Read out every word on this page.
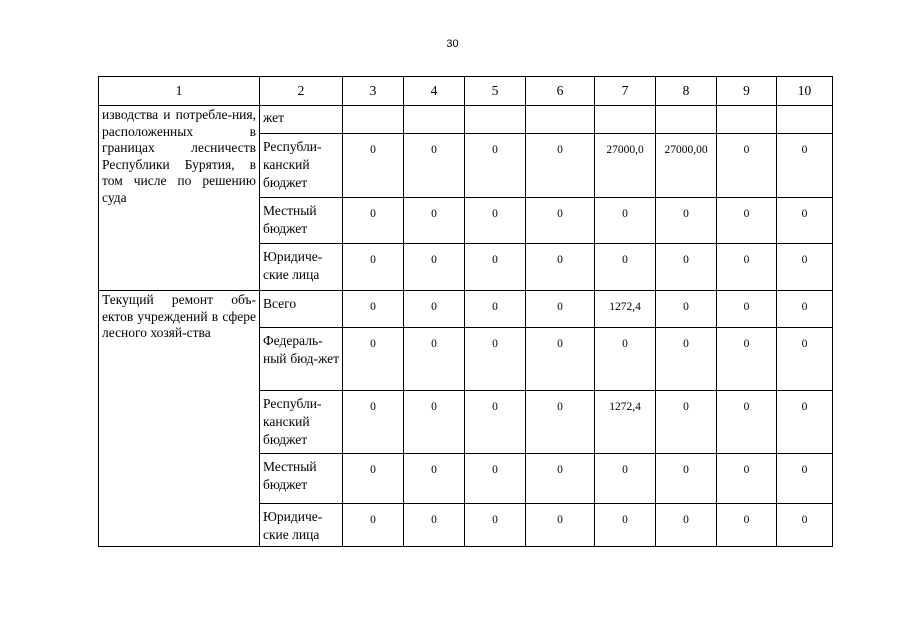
30
1	2	3	4	5	6	7	8	9	10
изводства и потребле-ния, расположенных в границах лесничеств Республики Бурятия, в том числе по решению суда	жет								
	Республи-канский бюджет	0	0	0	0	27000,0	27000,00	0	0
	Местный бюджет	0	0	0	0	0	0	0	0
	Юридиче-ские лица	0	0	0	0	0	0	0	0
Текущий ремонт объ-ектов учреждений в сфере лесного хозяй-ства	Всего	0	0	0	0	1272,4	0	0	0
	Федераль-ный бюд-жет	0	0	0	0	0	0	0	0
	Республи-канский бюджет	0	0	0	0	1272,4	0	0	0
	Местный бюджет	0	0	0	0	0	0	0	0
	Юридиче-ские лица	0	0	0	0	0	0	0	0
